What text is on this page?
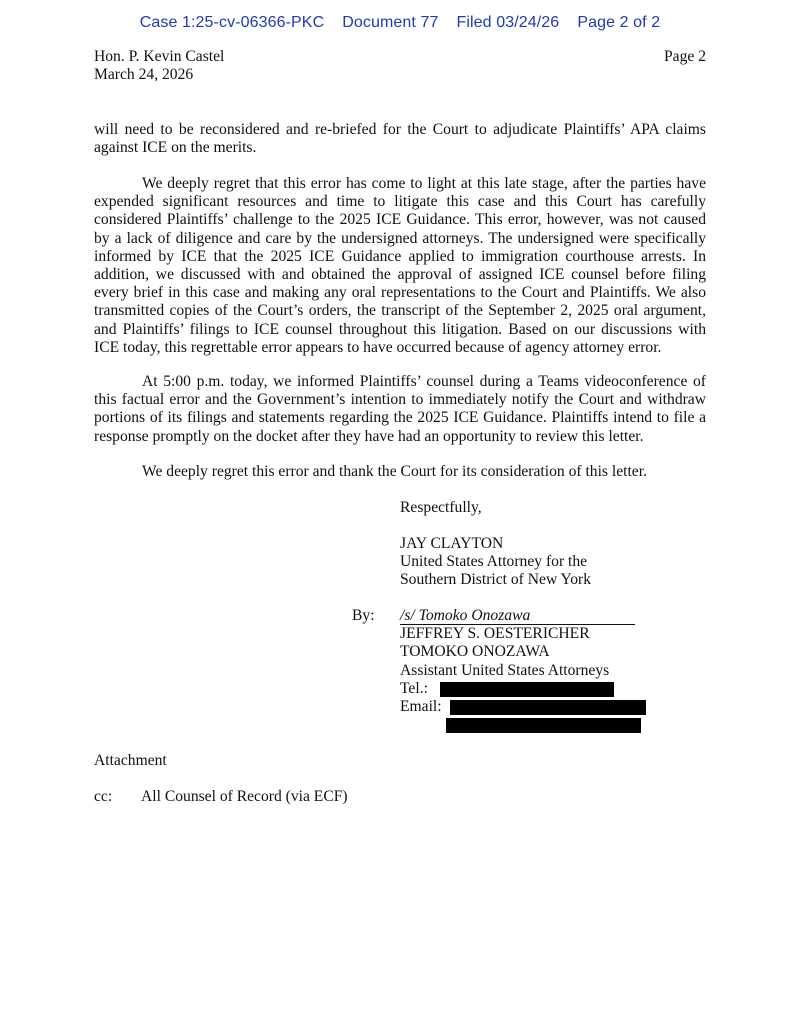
Case 1:25-cv-06366-PKC Document 77 Filed 03/24/26 Page 2 of 2
Hon. P. Kevin Castel
March 24, 2026
Page 2

will need to be reconsidered and re-briefed for the Court to adjudicate Plaintiffs’ APA claims against ICE on the merits.

We deeply regret that this error has come to light at this late stage, after the parties have expended significant resources and time to litigate this case and this Court has carefully considered Plaintiffs’ challenge to the 2025 ICE Guidance. This error, however, was not caused by a lack of diligence and care by the undersigned attorneys. The undersigned were specifically informed by ICE that the 2025 ICE Guidance applied to immigration courthouse arrests. In addition, we discussed with and obtained the approval of assigned ICE counsel before filing every brief in this case and making any oral representations to the Court and Plaintiffs. We also transmitted copies of the Court’s orders, the transcript of the September 2, 2025 oral argument, and Plaintiffs’ filings to ICE counsel throughout this litigation. Based on our discussions with ICE today, this regrettable error appears to have occurred because of agency attorney error.

At 5:00 p.m. today, we informed Plaintiffs’ counsel during a Teams videoconference of this factual error and the Government’s intention to immediately notify the Court and withdraw portions of its filings and statements regarding the 2025 ICE Guidance. Plaintiffs intend to file a response promptly on the docket after they have had an opportunity to review this letter.

We deeply regret this error and thank the Court for its consideration of this letter.

Respectfully,
JAY CLAYTON
United States Attorney for the
Southern District of New York
By: /s/ Tomoko Onozawa
JEFFREY S. OESTERICHER
TOMOKO ONOZAWA
Assistant United States Attorneys
Tel.:
Email:
Attachment
cc: All Counsel of Record (via ECF)
